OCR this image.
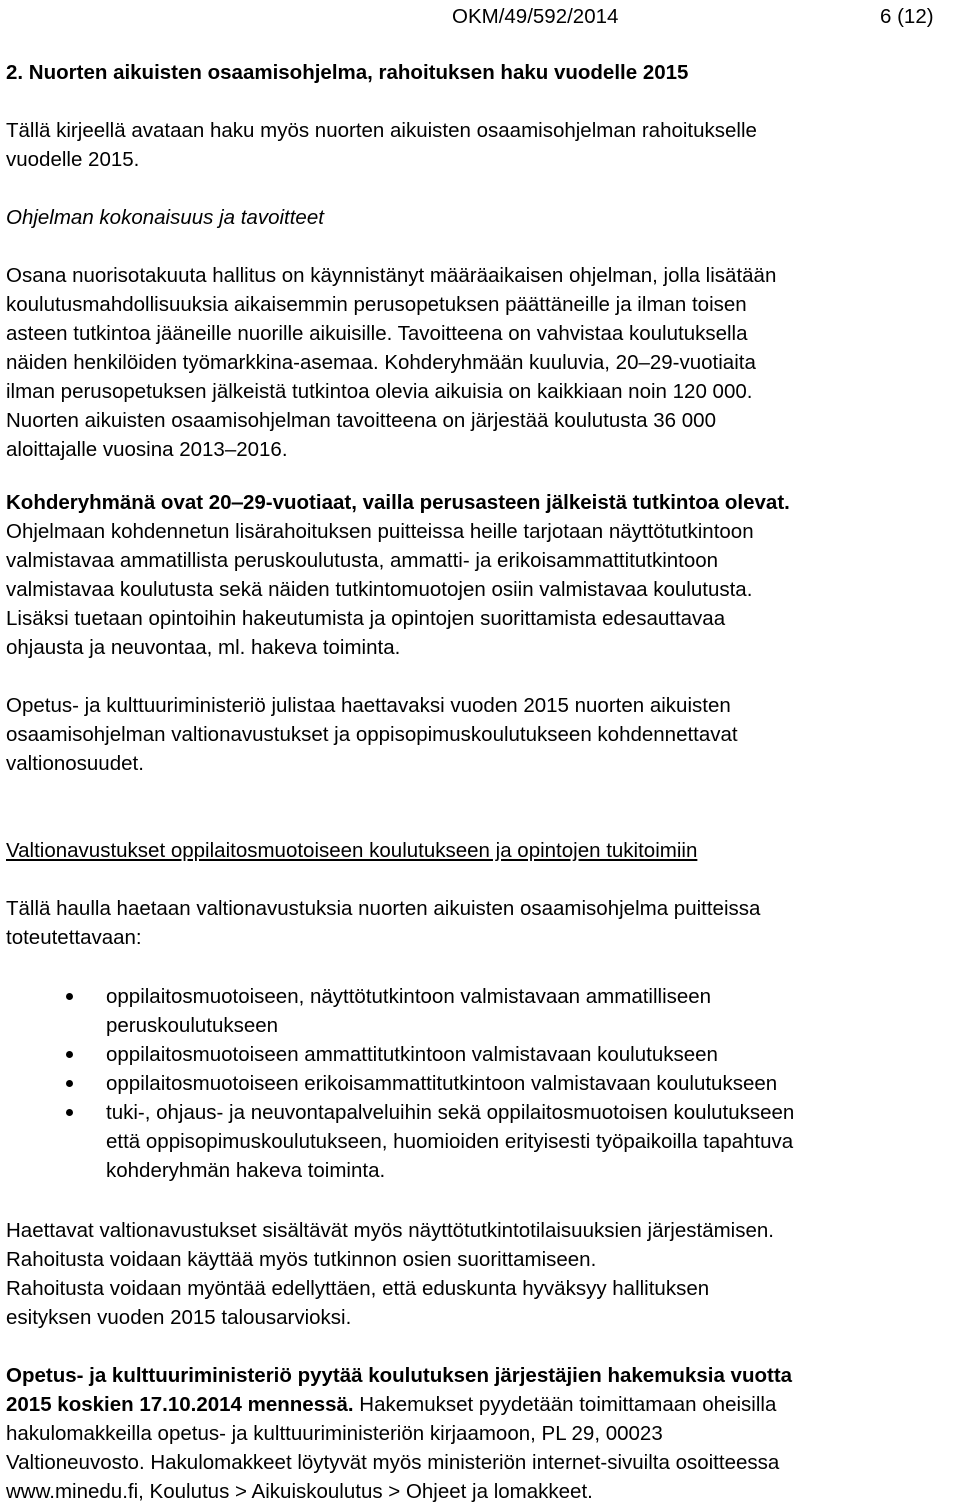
OKM/49/592/2014	6 (12)
2. Nuorten aikuisten osaamisohjelma, rahoituksen haku vuodelle 2015
Tällä kirjeellä avataan haku myös nuorten aikuisten osaamisohjelman rahoitukselle
vuodelle 2015.
Ohjelman kokonaisuus ja tavoitteet
Osana nuorisotakuuta hallitus on käynnistänyt määräaikaisen ohjelman, jolla lisätään
koulutusmahdollisuuksia aikaisemmin perusopetuksen päättäneille ja ilman toisen
asteen tutkintoa jääneille nuorille aikuisille. Tavoitteena on vahvistaa koulutuksella
näiden henkilöiden työmarkkina-asemaa. Kohderyhmään kuuluvia, 20‒29-vuotiaita
ilman perusopetuksen jälkeistä tutkintoa olevia aikuisia on kaikkiaan noin 120 000.
Nuorten aikuisten osaamisohjelman tavoitteena on järjestää koulutusta 36 000
aloittajalle vuosina 2013‒2016.
Kohderyhmänä ovat 20‒29-vuotiaat, vailla perusasteen jälkeistä tutkintoa olevat.
Ohjelmaan kohdennetun lisärahoituksen puitteissa heille tarjotaan näyttötutkintoon
valmistavaa ammatillista peruskoulutusta, ammatti- ja erikoisammattitutkintoon
valmistavaa koulutusta sekä näiden tutkintomuotojen osiin valmistavaa koulutusta.
Lisäksi tuetaan opintoihin hakeutumista ja opintojen suorittamista edesauttavaa
ohjausta ja neuvontaa, ml. hakeva toiminta.
Opetus- ja kulttuuriministeriö julistaa haettavaksi vuoden 2015 nuorten aikuisten
osaamisohjelman valtionavustukset ja oppisopimuskoulutukseen kohdennettavat
valtionosuudet.
Valtionavustukset oppilaitosmuotoiseen koulutukseen ja opintojen tukitoimiin
Tällä haulla haetaan valtionavustuksia nuorten aikuisten osaamisohjelma puitteissa
toteutettavaan:
oppilaitosmuotoiseen, näyttötutkintoon valmistavaan ammatilliseen
peruskoulutukseen
oppilaitosmuotoiseen ammattitutkintoon valmistavaan koulutukseen
oppilaitosmuotoiseen erikoisammattitutkintoon valmistavaan koulutukseen
tuki-, ohjaus- ja neuvontapalveluihin sekä oppilaitosmuotoisen koulutukseen
että oppisopimuskoulutukseen, huomioiden erityisesti työpaikoilla tapahtuva
kohderyhmän hakeva toiminta.
Haettavat valtionavustukset sisältävät myös näyttötutkintotilaisuuksien järjestämisen.
Rahoitusta voidaan käyttää myös tutkinnon osien suorittamiseen.
Rahoitusta voidaan myöntää edellyttäen, että eduskunta hyväksyy hallituksen
esityksen vuoden 2015 talousarvioksi.
Opetus- ja kulttuuriministeriö pyytää koulutuksen järjestäjien hakemuksia vuotta
2015 koskien 17.10.2014 mennessä. Hakemukset pyydetään toimittamaan oheisilla
hakulomakkeilla opetus- ja kulttuuriministeriön kirjaamoon, PL 29, 00023
Valtioneuvosto. Hakulomakkeet löytyvät myös ministeriön internet-sivuilta osoitteessa
www.minedu.fi, Koulutus > Aikuiskoulutus > Ohjeet ja lomakkeet.
